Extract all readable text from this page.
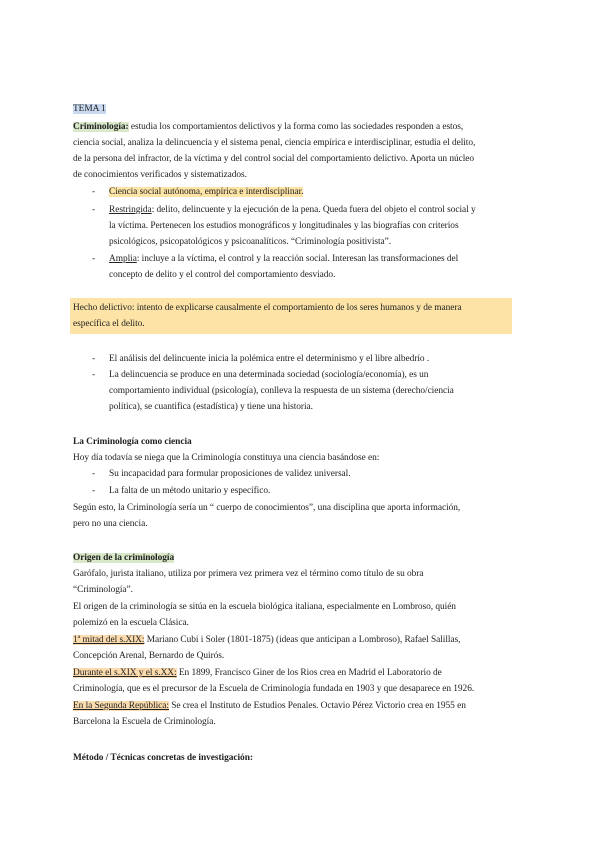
TEMA 1
Criminología: estudia los comportamientos delictivos y la forma como las sociedades responden a estos,
ciencia social, analiza la delincuencia y el sistema penal, ciencia empírica e interdisciplinar, estudia el delito,
de la persona del infractor, de la víctima y del control social del comportamiento delictivo. Aporta un núcleo
de conocimientos verificados y sistematizados.
- Ciencia social autónoma, empírica e interdisciplinar.
- Restringida: delito, delincuente y la ejecución de la pena. Queda fuera del objeto el control social y
la víctima. Pertenecen los estudios monográficos y longitudinales y las biografías con criterios
psicológicos, psicopatológicos y psicoanalíticos. “Criminología positivista”.
- Amplia: incluye a la víctima, el control y la reacción social. Interesan las transformaciones del
concepto de delito y el control del comportamiento desviado.
Hecho delictivo: intento de explicarse causalmente el comportamiento de los seres humanos y de manera
específica el delito.
- El análisis del delincuente inicia la polémica entre el determinismo y el libre albedrío .
- La delincuencia se produce en una determinada sociedad (sociología/economía), es un
comportamiento individual (psicología), conlleva la respuesta de un sistema (derecho/ciencia
política), se cuantifica (estadística) y tiene una historia.
La Criminología como ciencia
Hoy día todavía se niega que la Criminología constituya una ciencia basándose en:
- Su incapacidad para formular proposiciones de validez universal.
- La falta de un método unitario y específico.
Según esto, la Criminología sería un “ cuerpo de conocimientos”, una disciplina que aporta información,
pero no una ciencia.
Origen de la criminología
Garófalo, jurista italiano, utiliza por primera vez primera vez el término como título de su obra
“Criminología”.
El origen de la criminología se sitúa en la escuela biológica italiana, especialmente en Lombroso, quién
polemizó en la escuela Clásica.
1ª mitad del s.XIX: Mariano Cubi i Soler (1801-1875) (ideas que anticipan a Lombroso), Rafael Salillas,
Concepción Arenal, Bernardo de Quirós.
Durante el s.XIX y el s.XX: En 1899, Francisco Giner de los Rios crea en Madrid el Laboratorio de
Criminología, que es el precursor de la Escuela de Criminología fundada en 1903 y que desaparece en 1926.
En la Segunda República: Se crea el Instituto de Estudios Penales. Octavio Pérez Victorio crea en 1955 en
Barcelona la Escuela de Criminología.
Método / Técnicas concretas de investigación:
